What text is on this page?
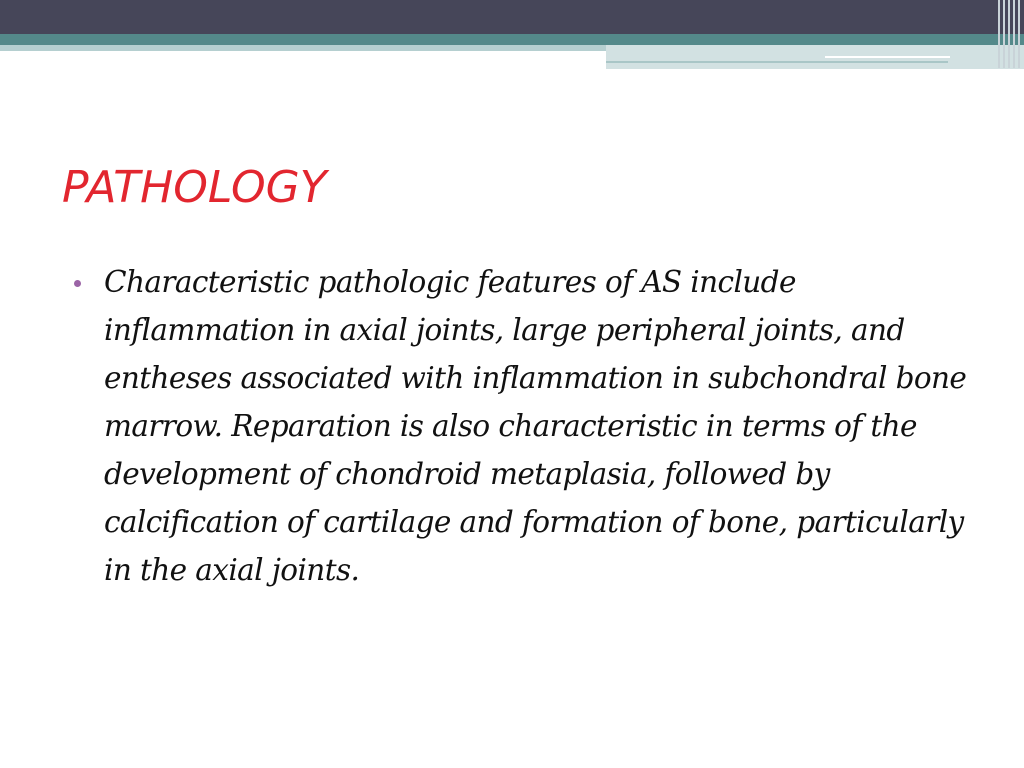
PATHOLOGY
Characteristic pathologic features of AS include inflammation in axial joints, large peripheral joints, and entheses associated with inflammation in subchondral bone marrow. Reparation is also characteristic in terms of the development of chondroid metaplasia, followed by calcification of cartilage and formation of bone, particularly in the axial joints.
